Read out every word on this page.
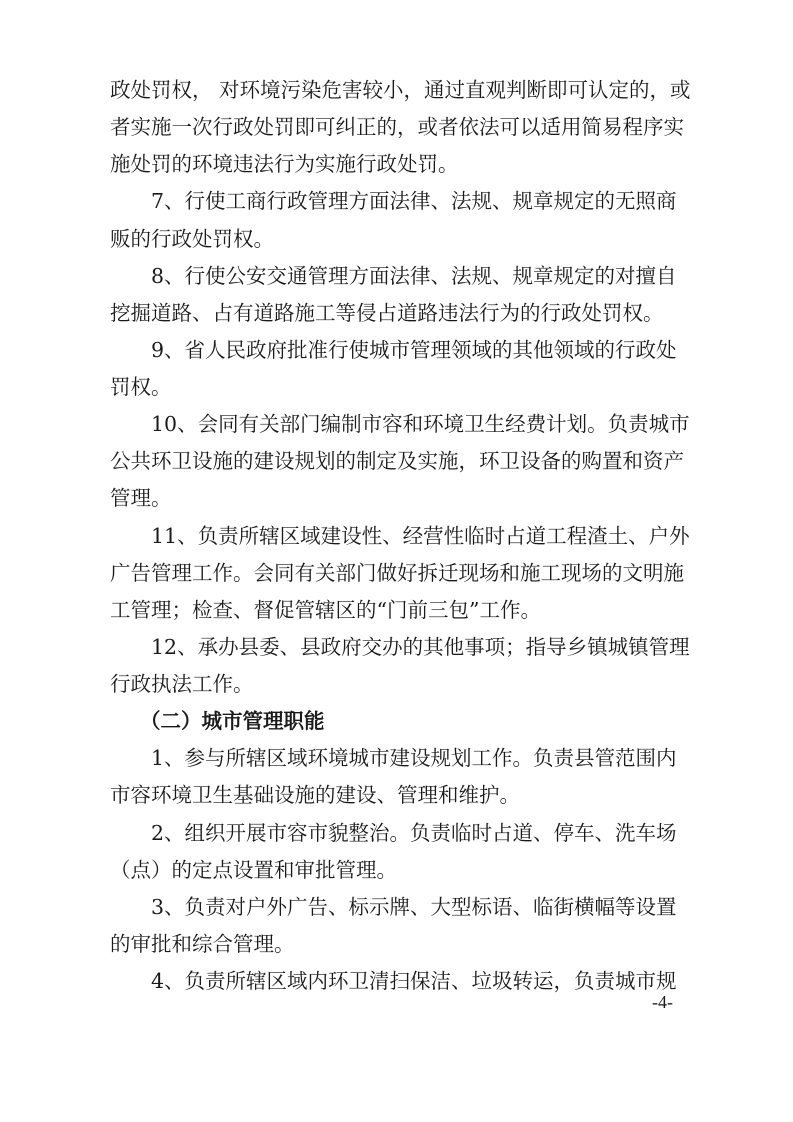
政处罚权， 对环境污染危害较小，通过直观判断即可认定的，或
者实施一次行政处罚即可纠正的，或者依法可以适用简易程序实
施处罚的环境违法行为实施行政处罚。
7、行使工商行政管理方面法律、法规、规章规定的无照商
贩的行政处罚权。
8、行使公安交通管理方面法律、法规、规章规定的对擅自
挖掘道路、占有道路施工等侵占道路违法行为的行政处罚权。
9、省人民政府批准行使城市管理领域的其他领域的行政处
罚权。
10、会同有关部门编制市容和环境卫生经费计划。负责城市
公共环卫设施的建设规划的制定及实施，环卫设备的购置和资产
管理。
11、负责所辖区域建设性、经营性临时占道工程渣土、户外
广告管理工作。会同有关部门做好拆迁现场和施工现场的文明施
工管理；检查、督促管辖区的“门前三包”工作。
12、承办县委、县政府交办的其他事项；指导乡镇城镇管理
行政执法工作。
（二）城市管理职能
1、参与所辖区域环境城市建设规划工作。负责县管范围内
市容环境卫生基础设施的建设、管理和维护。
2、组织开展市容市貌整治。负责临时占道、停车、洗车场
（点）的定点设置和审批管理。
3、负责对户外广告、标示牌、大型标语、临街横幅等设置
的审批和综合管理。
4、负责所辖区域内环卫清扫保洁、垃圾转运，负责城市规
-4-
